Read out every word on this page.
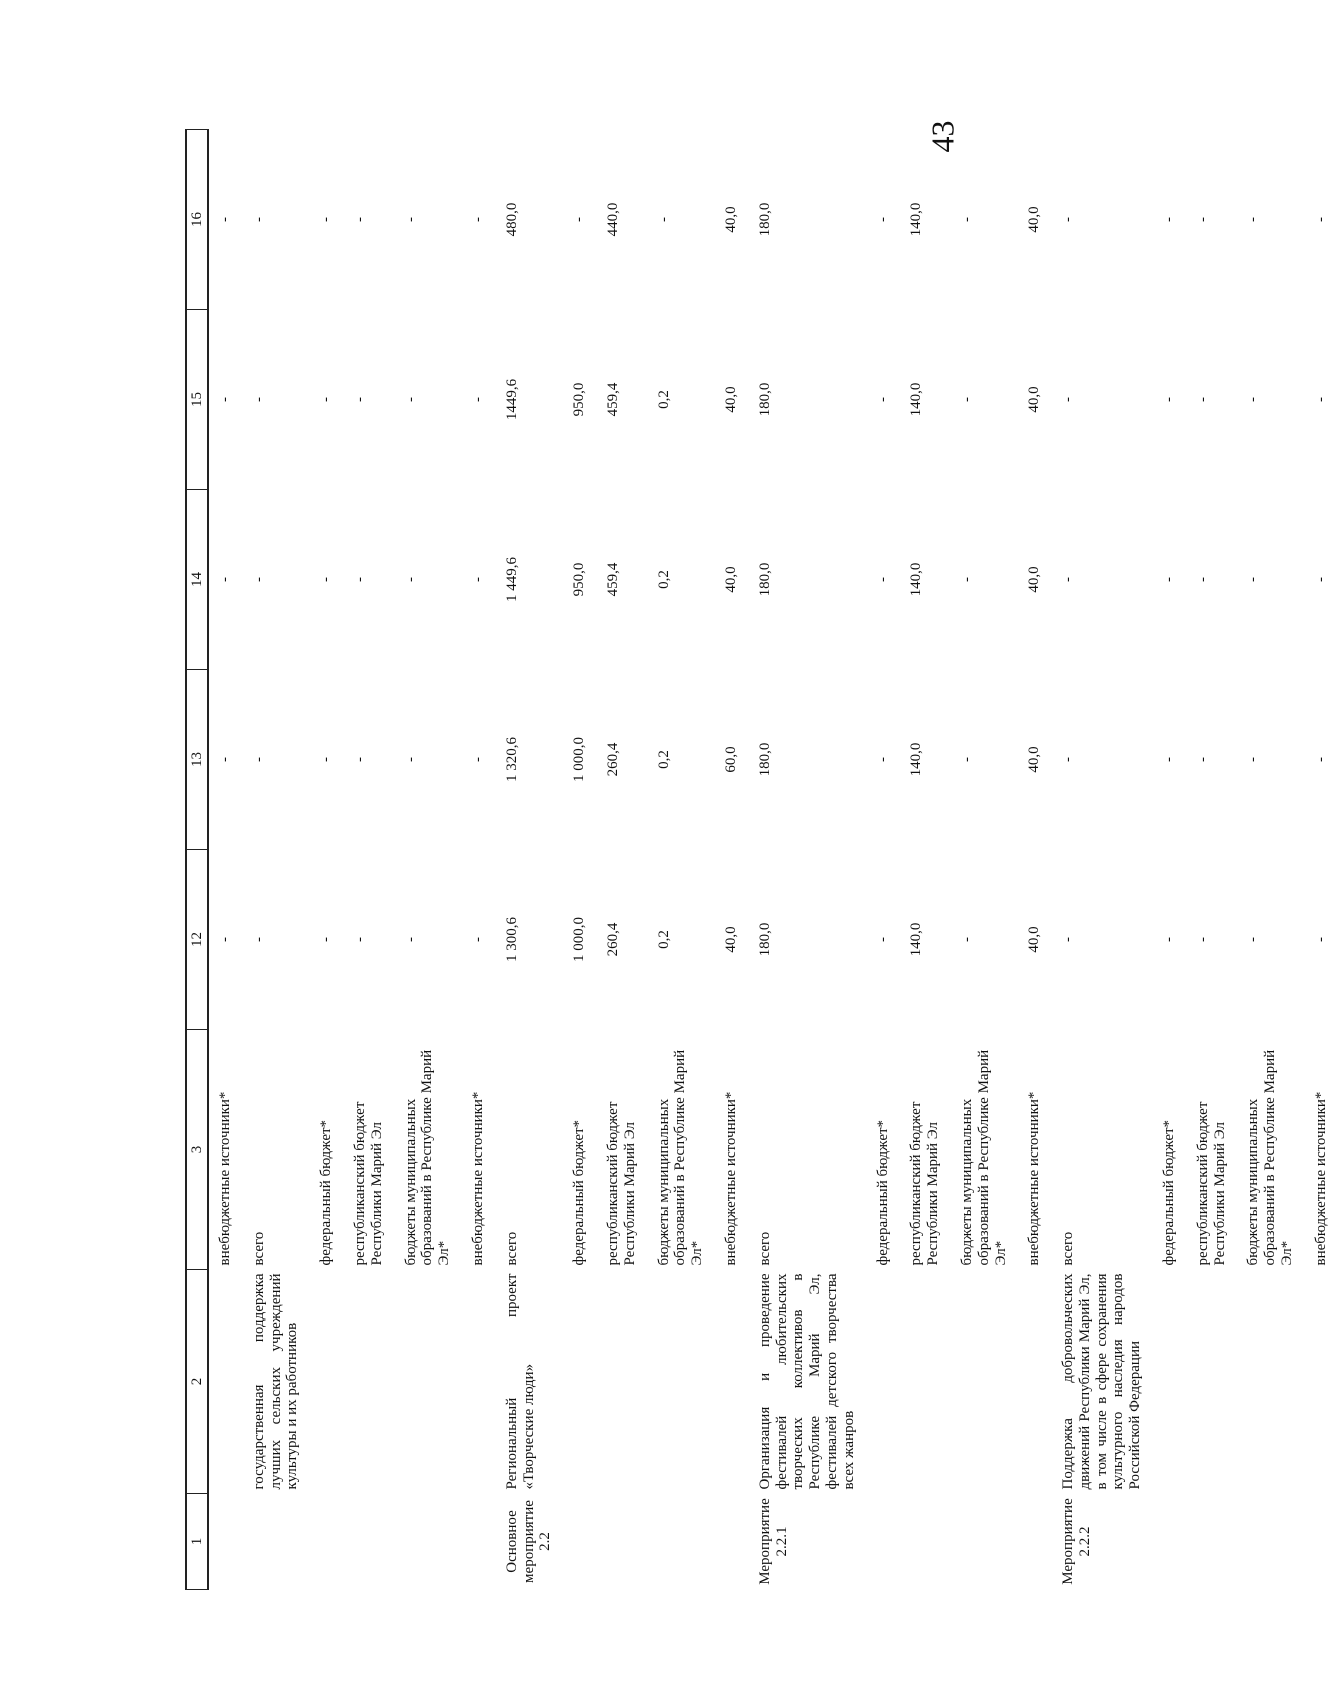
43
1	2	3	12	13	14	15	16
		внебюджетные источники*	-	-	-	-	-
	государственная поддержка лучших сельских учреждений культуры и их работников	всего	-	-	-	-	-
		федеральный бюджет*	-	-	-	-	-
		республиканский бюджет Республики Марий Эл	-	-	-	-	-
		бюджеты муниципальных образований в Республике Марий Эл*	-	-	-	-	-
		внебюджетные источники*	-	-	-	-	-
Основное мероприятие 2.2	Региональный проект «Творческие люди»	всего	1 300,6	1 320,6	1 449,6	1449,6	480,0
		федеральный бюджет*	1 000,0	1 000,0	950,0	950,0	-
		республиканский бюджет Республики Марий Эл	260,4	260,4	459,4	459,4	440,0
		бюджеты муниципальных образований в Республике Марий Эл*	0,2	0,2	0,2	0,2	-
		внебюджетные источники*	40,0	60,0	40,0	40,0	40,0
Мероприятие 2.2.1	Организация и проведение фестивалей любительских творческих коллективов в Республике Марий Эл, фестивалей детского творчества всех жанров	всего	180,0	180,0	180,0	180,0	180,0
		федеральный бюджет*	-	-	-	-	-
		республиканский бюджет Республики Марий Эл	140,0	140,0	140,0	140,0	140,0
		бюджеты муниципальных образований в Республике Марий Эл*	-	-	-	-	-
		внебюджетные источники*	40,0	40,0	40,0	40,0	40,0
Мероприятие 2.2.2	Поддержка добровольческих движений Республики Марий Эл, в том числе в сфере сохранения культурного наследия народов Российской Федерации	всего	-	-	-	-	-
		федеральный бюджет*	-	-	-	-	-
		республиканский бюджет Республики Марий Эл	-	-	-	-	-
		бюджеты муниципальных образований в Республике Марий Эл*	-	-	-	-	-
		внебюджетные источники*	-	-	-	-	-
